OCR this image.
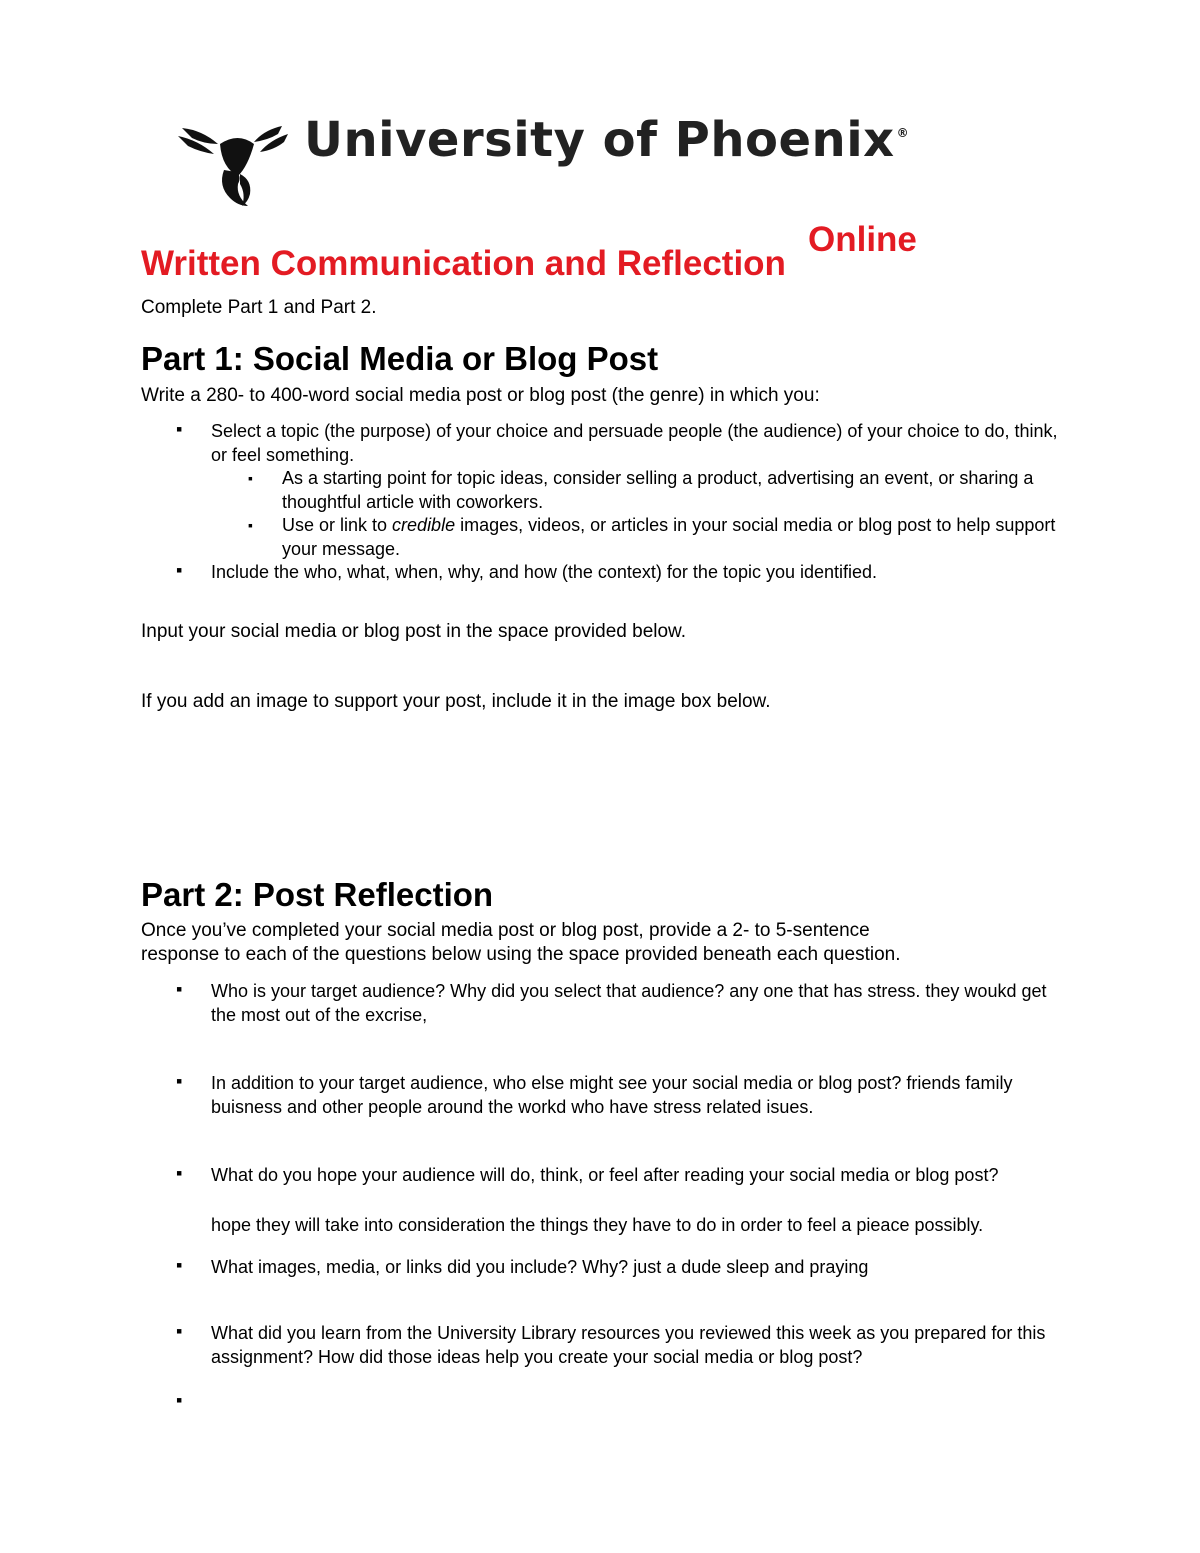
University of Phoenix ®
Online
Written Communication and Reflection
Complete Part 1 and Part 2.
Part 1: Social Media or Blog Post
Write a 280- to 400-word social media post or blog post (the genre) in which you:
▪ Select a topic (the purpose) of your choice and persuade people (the audience) of your choice to do, think, or feel something.
▪ As a starting point for topic ideas, consider selling a product, advertising an event, or sharing a thoughtful article with coworkers.
▪ Use or link to credible images, videos, or articles in your social media or blog post to help support your message.
▪ Include the who, what, when, why, and how (the context) for the topic you identified.
Input your social media or blog post in the space provided below.
If you add an image to support your post, include it in the image box below.
Part 2: Post Reflection
Once you’ve completed your social media post or blog post, provide a 2- to 5-sentence
response to each of the questions below using the space provided beneath each question.
▪ Who is your target audience? Why did you select that audience? any one that has stress. they woukd get the most out of the excrise,
▪ In addition to your target audience, who else might see your social media or blog post? friends family buisness and other people around the workd who have stress related isues.
▪ What do you hope your audience will do, think, or feel after reading your social media or blog post?
hope they will take into consideration the things they have to do in order to feel a pieace possibly.
▪ What images, media, or links did you include? Why? just a dude sleep and praying
▪ What did you learn from the University Library resources you reviewed this week as you prepared for this assignment? How did those ideas help you create your social media or blog post?
▪
